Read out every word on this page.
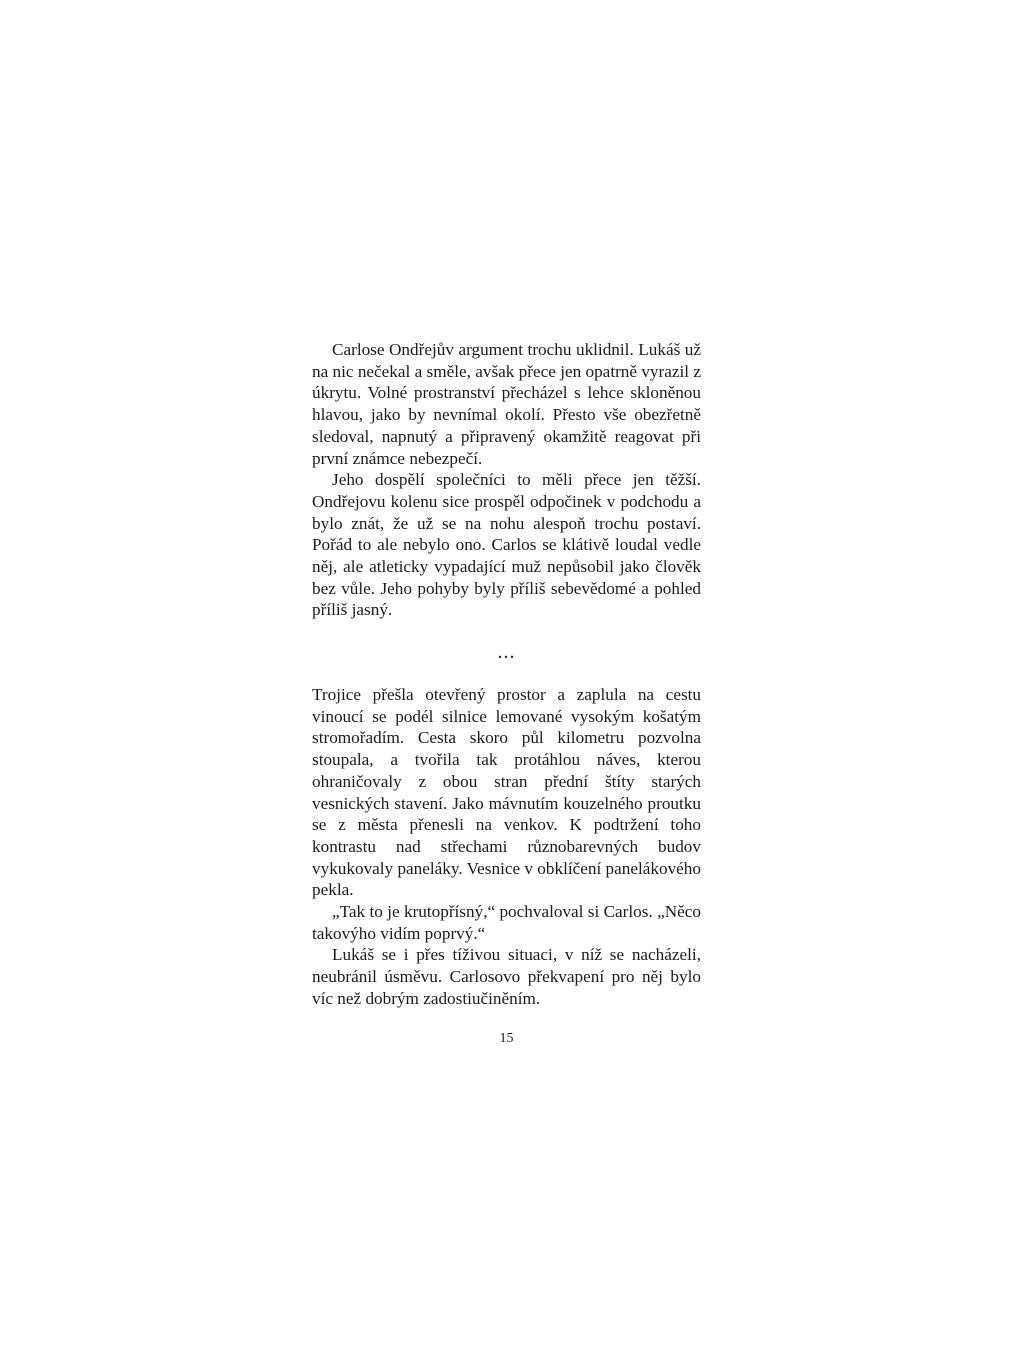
Carlose Ondřejův argument trochu uklidnil. Lukáš už na nic nečekal a směle, avšak přece jen opatrně vyrazil z úkrytu. Volné prostranství přecházel s lehce skloněnou hlavou, jako by nevnímal okolí. Přesto vše obezřetně sledoval, napnutý a připravený okamžitě reagovat při první známce nebezpečí.

Jeho dospělí společníci to měli přece jen těžší. Ondřejovu kolenu sice prospěl odpočinek v podchodu a bylo znát, že už se na nohu alespoň trochu postaví. Pořád to ale nebylo ono. Carlos se klátivě loudal vedle něj, ale atleticky vypadající muž nepůsobil jako člověk bez vůle. Jeho pohyby byly příliš sebevědomé a pohled příliš jasný.

...

Trojice přešla otevřený prostor a zaplula na cestu vinoucí se podél silnice lemované vysokým košatým stromořadím. Cesta skoro půl kilometru pozvolna stoupala, a tvořila tak protáhlou náves, kterou ohraničovaly z obou stran přední štíty starých vesnických stavení. Jako mávnutím kouzelného proutku se z města přenesli na venkov. K podtržení toho kontrastu nad střechami různobarevných budov vykukovaly paneláky. Vesnice v obklíčení panelákového pekla.

„Tak to je krutopřísný,“ pochvaloval si Carlos. „Něco takovýho vidím poprvý.“

Lukáš se i přes tíživou situaci, v níž se nacházeli, neubránil úsměvu. Carlosovo překvapení pro něj bylo víc než dobrým zadostiučiněním.

15
